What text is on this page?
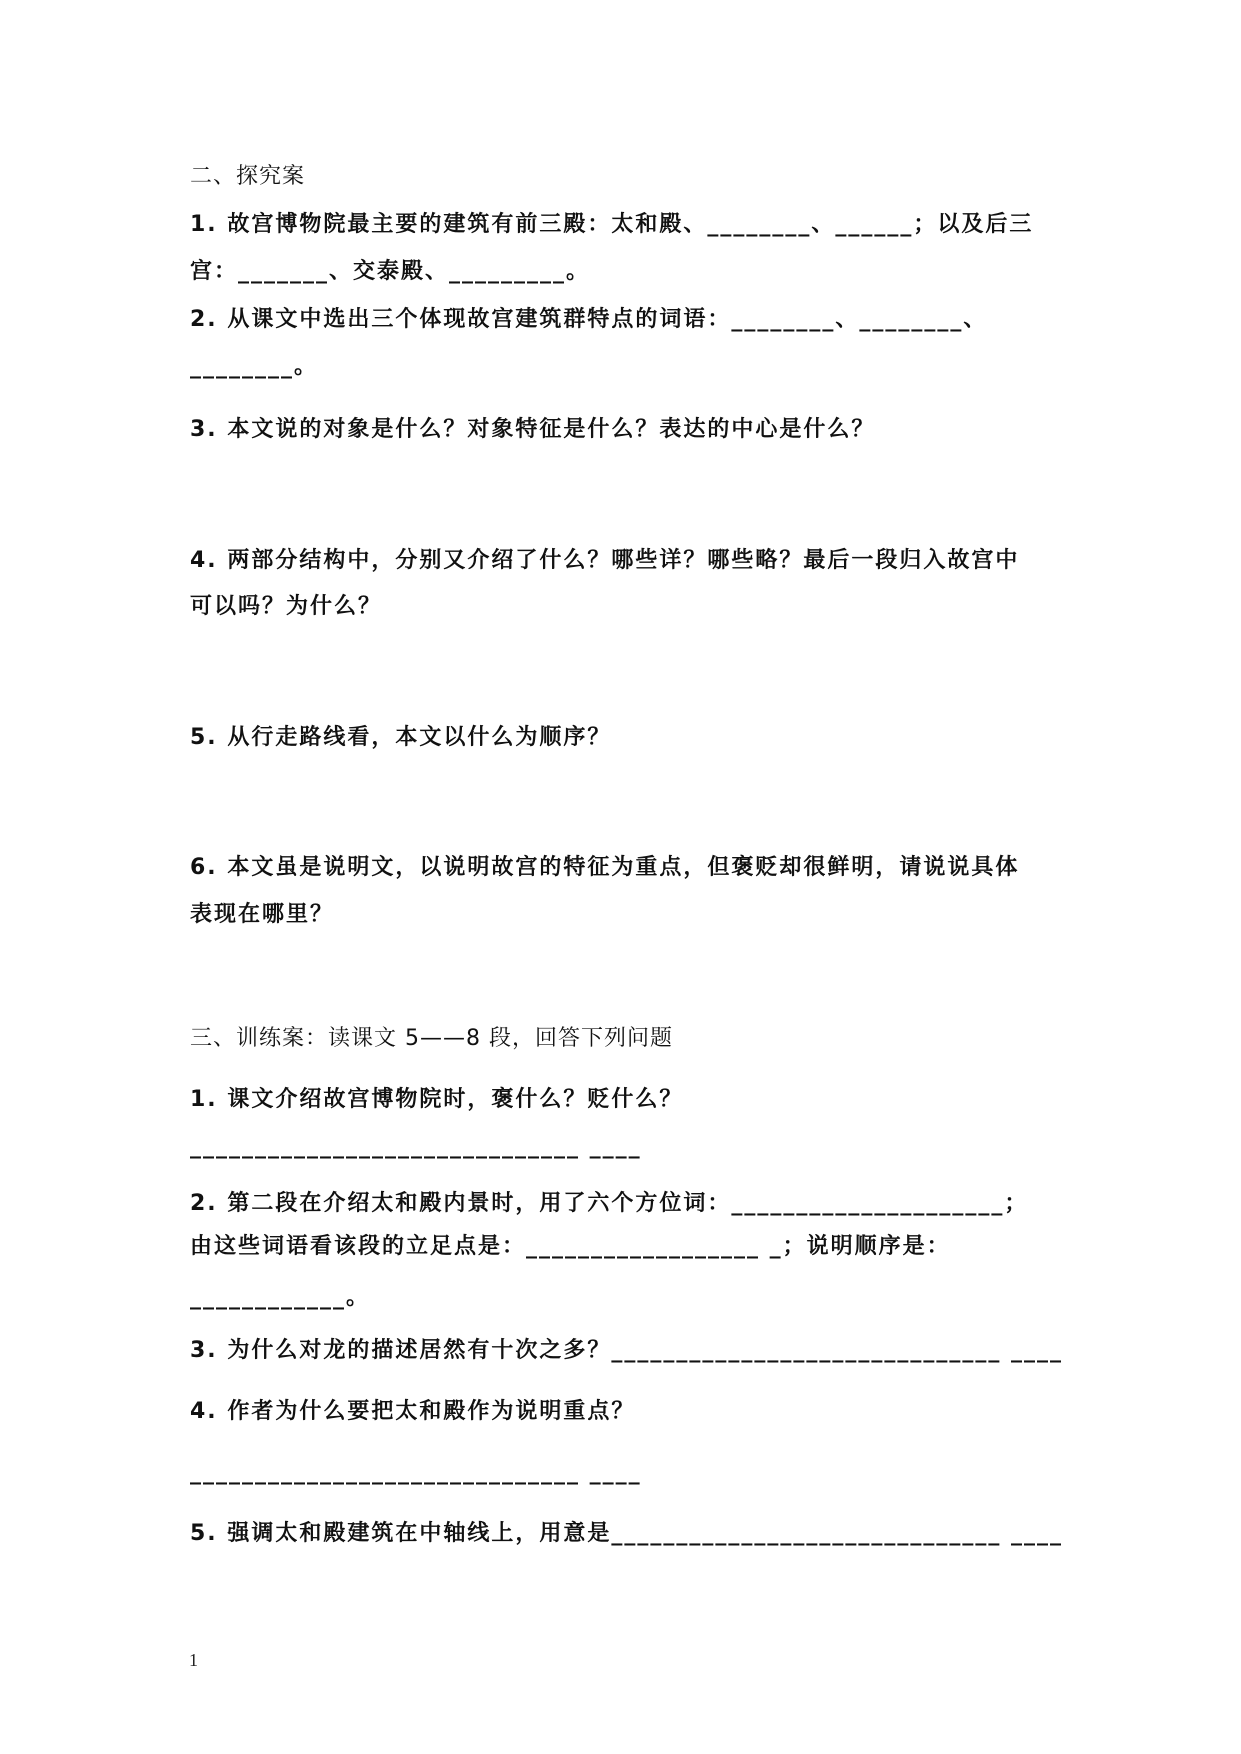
二、探究案
1. 故宫博物院最主要的建筑有前三殿：太和殿、________、______；以及后三
宫：_______、交泰殿、_________。
2. 从课文中选出三个体现故宫建筑群特点的词语：________、________、
________。
3. 本文说的对象是什么？对象特征是什么？表达的中心是什么？
4. 两部分结构中，分别又介绍了什么？哪些详？哪些略？最后一段归入故宫中
可以吗？为什么？
5. 从行走路线看，本文以什么为顺序？
6. 本文虽是说明文，以说明故宫的特征为重点，但褒贬却很鲜明，请说说具体
表现在哪里？
三、训练案：读课文 5——8 段，回答下列问题
1. 课文介绍故宫博物院时，褒什么？贬什么？
______________________________ ____
2. 第二段在介绍太和殿内景时，用了六个方位词：_____________________；
由这些词语看该段的立足点是：__________________ _；说明顺序是：
____________。
3. 为什么对龙的描述居然有十次之多？______________________________ ____
4. 作者为什么要把太和殿作为说明重点？
______________________________ ____
5. 强调太和殿建筑在中轴线上，用意是______________________________ ____
1
